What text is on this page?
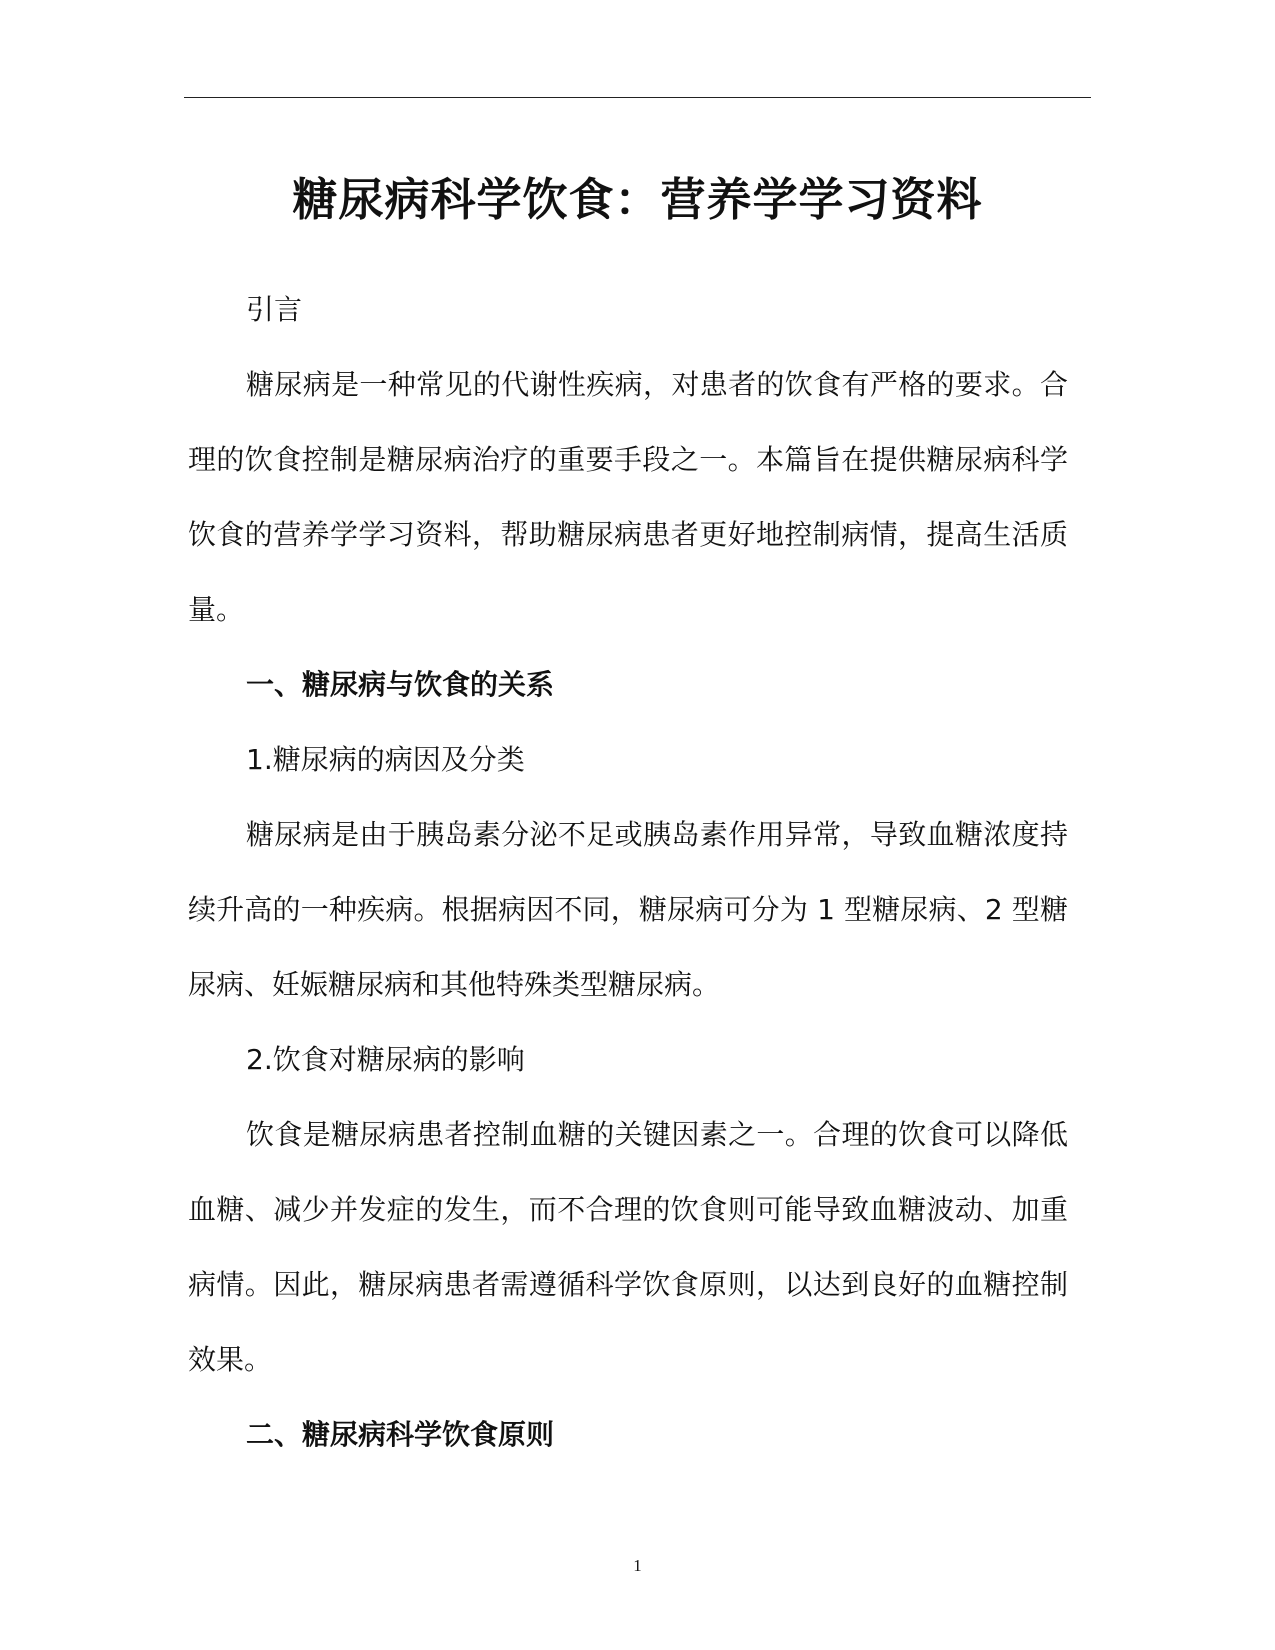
糖尿病科学饮食：营养学学习资料

引言

糖尿病是一种常见的代谢性疾病，对患者的饮食有严格的要求。合理的饮食控制是糖尿病治疗的重要手段之一。本篇旨在提供糖尿病科学饮食的营养学学习资料，帮助糖尿病患者更好地控制病情，提高生活质量。

一、糖尿病与饮食的关系

1.糖尿病的病因及分类

糖尿病是由于胰岛素分泌不足或胰岛素作用异常，导致血糖浓度持续升高的一种疾病。根据病因不同，糖尿病可分为 1 型糖尿病、2 型糖尿病、妊娠糖尿病和其他特殊类型糖尿病。

2.饮食对糖尿病的影响

饮食是糖尿病患者控制血糖的关键因素之一。合理的饮食可以降低血糖、减少并发症的发生，而不合理的饮食则可能导致血糖波动、加重病情。因此，糖尿病患者需遵循科学饮食原则，以达到良好的血糖控制效果。

二、糖尿病科学饮食原则

1
